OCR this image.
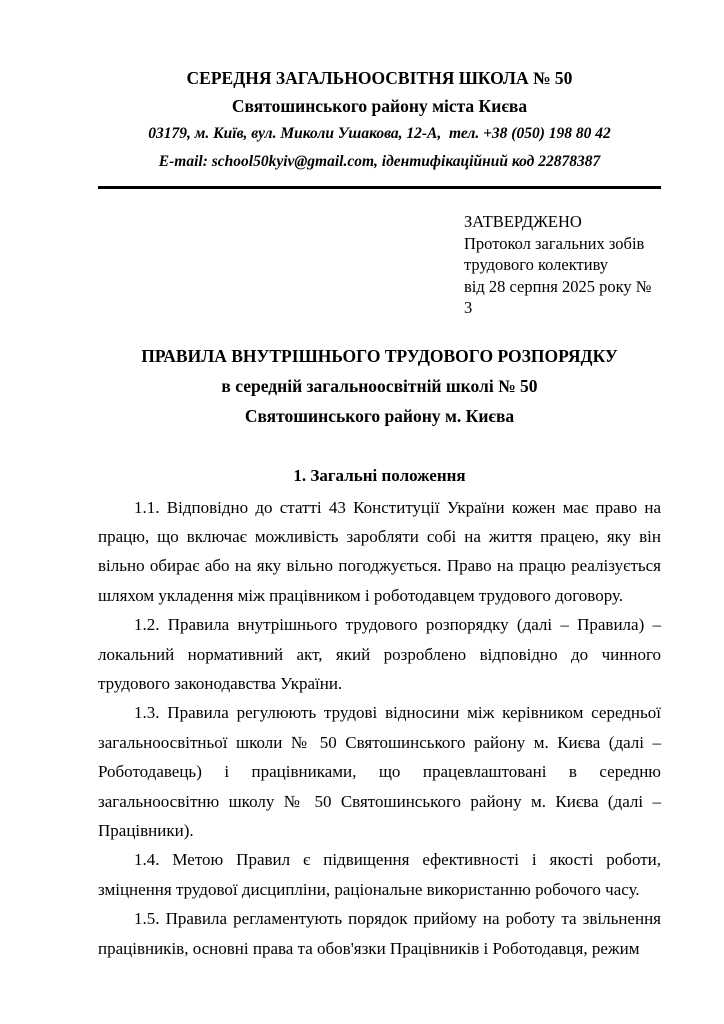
СЕРЕДНЯ ЗАГАЛЬНООСВІТНЯ ШКОЛА № 50
Святошинського району міста Києва
03179, м. Київ, вул. Миколи Ушакова, 12-А,  тел. +38 (050) 198 80 42
E-mail: school50kyiv@gmail.com, ідентифікаційний код 22878387
ЗАТВЕРДЖЕНО
Протокол загальних зобів
трудового колективу
від 28 серпня 2025 року № 3
ПРАВИЛА ВНУТРІШНЬОГО ТРУДОВОГО РОЗПОРЯДКУ
в середній загальноосвітній школі № 50
Святошинського району м. Києва
1. Загальні положення

1.1. Відповідно до статті 43 Конституції України кожен має право на працю, що включає можливість заробляти собі на життя працею, яку він вільно обирає або на яку вільно погоджується. Право на працю реалізується шляхом укладення між працівником і роботодавцем трудового договору.

1.2. Правила внутрішнього трудового розпорядку (далі – Правила) – локальний нормативний акт, який розроблено відповідно до чинного трудового законодавства України.

1.3. Правила регулюють трудові відносини між керівником середньої загальноосвітньої школи № 50 Святошинського району м. Києва (далі – Роботодавець) і працівниками, що працевлаштовані в середню загальноосвітню школу № 50 Святошинського району м. Києва (далі – Працівники).

1.4. Метою Правил є підвищення ефективності і якості роботи, зміцнення трудової дисципліни, раціональне використанню робочого часу.

1.5. Правила регламентують порядок прийому на роботу та звільнення працівників, основні права та обов'язки Працівників і Роботодавця, режим
